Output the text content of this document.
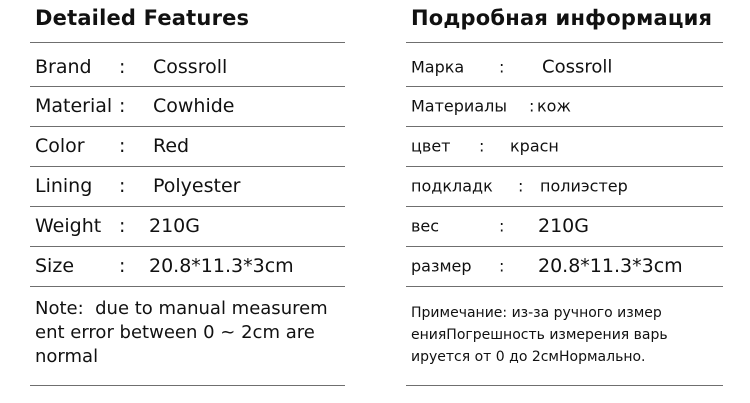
Detailed Features
Brand : Cossroll
Material : Cowhide
Color : Red
Lining : Polyester
Weight : 210G
Size : 20.8*11.3*3cm
Note:  due to manual measurem
ent error between 0 ~ 2cm are
normal
Подробная информация
Марка : Cossroll
Материалы : кож
цвет : красн
подкладк : полиэстер
вес	: 210G
размер : 20.8*11.3*3cm
Примечание: из-за ручного измер
енияПогрешность измерения варь
ируется от 0 до 2смНормально.
